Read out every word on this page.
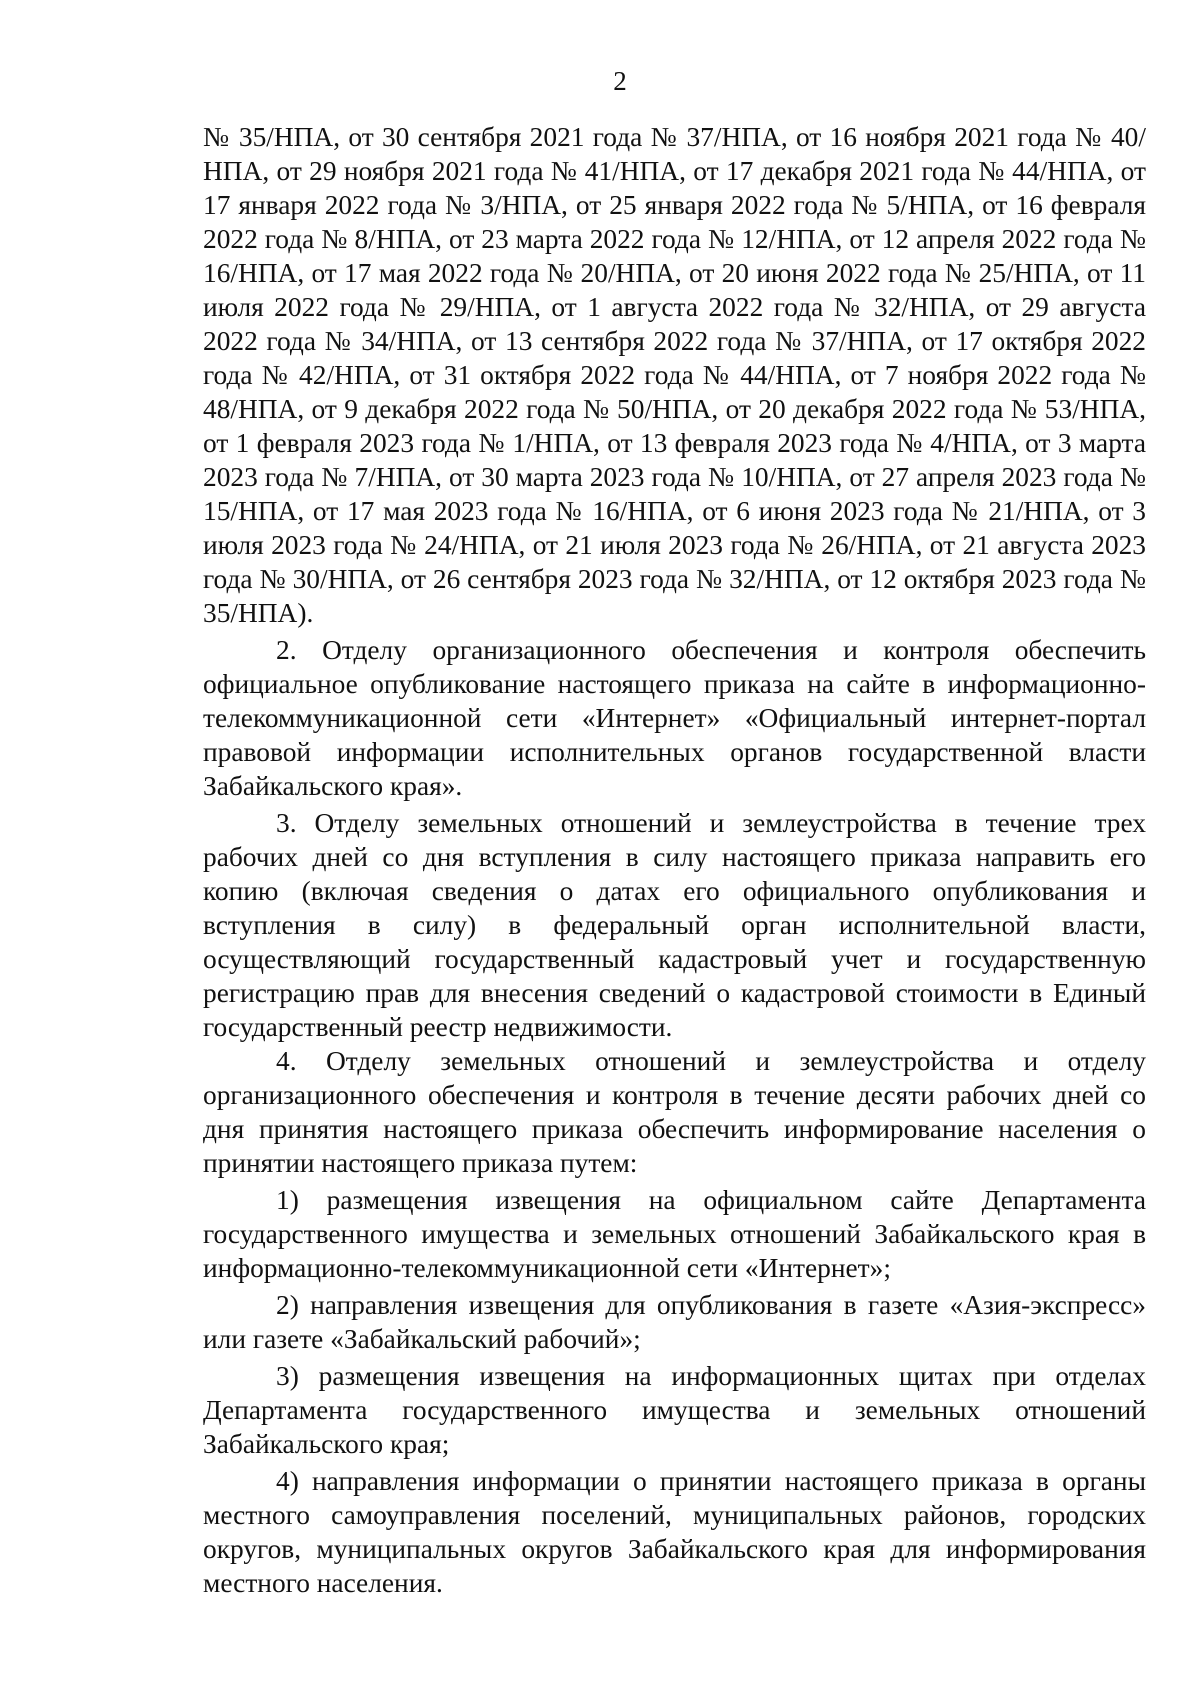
2

№ 35/НПА, от 30 сентября 2021 года № 37/НПА, от 16 ноября 2021 года № 40/НПА, от 29 ноября 2021 года № 41/НПА, от 17 декабря 2021 года № 44/НПА, от 17 января 2022 года № 3/НПА, от 25 января 2022 года № 5/НПА, от 16 февраля 2022 года № 8/НПА, от 23 марта 2022 года № 12/НПА, от 12 апреля 2022 года № 16/НПА, от 17 мая 2022 года № 20/НПА, от 20 июня 2022 года № 25/НПА, от 11 июля 2022 года № 29/НПА, от 1 августа 2022 года № 32/НПА, от 29 августа 2022 года № 34/НПА, от 13 сентября 2022 года № 37/НПА, от 17 октября 2022 года № 42/НПА, от 31 октября 2022 года № 44/НПА, от 7 ноября 2022 года № 48/НПА, от 9 декабря 2022 года № 50/НПА, от 20 декабря 2022 года № 53/НПА, от 1 февраля 2023 года № 1/НПА, от 13 февраля 2023 года № 4/НПА, от 3 марта 2023 года № 7/НПА, от 30 марта 2023 года № 10/НПА, от 27 апреля 2023 года № 15/НПА, от 17 мая 2023 года № 16/НПА, от 6 июня 2023 года № 21/НПА, от 3 июля 2023 года № 24/НПА, от 21 июля 2023 года № 26/НПА, от 21 августа 2023 года № 30/НПА, от 26 сентября 2023 года № 32/НПА, от 12 октября 2023 года № 35/НПА).

2. Отделу организационного обеспечения и контроля обеспечить официальное опубликование настоящего приказа на сайте в информационно-телекоммуникационной сети «Интернет» «Официальный интернет-портал правовой информации исполнительных органов государственной власти Забайкальского края».

3. Отделу земельных отношений и землеустройства в течение трех рабочих дней со дня вступления в силу настоящего приказа направить его копию (включая сведения о датах его официального опубликования и вступления в силу) в федеральный орган исполнительной власти, осуществляющий государственный кадастровый учет и государственную регистрацию прав для внесения сведений о кадастровой стоимости в Единый государственный реестр недвижимости.

4. Отделу земельных отношений и землеустройства и отделу организационного обеспечения и контроля в течение десяти рабочих дней со дня принятия настоящего приказа обеспечить информирование населения о принятии настоящего приказа путем:

1) размещения извещения на официальном сайте Департамента государственного имущества и земельных отношений Забайкальского края в информационно-телекоммуникационной сети «Интернет»;

2) направления извещения для опубликования в газете «Азия-экспресс» или газете «Забайкальский рабочий»;

3) размещения извещения на информационных щитах при отделах Департамента государственного имущества и земельных отношений Забайкальского края;

4) направления информации о принятии настоящего приказа в органы местного самоуправления поселений, муниципальных районов, городских округов, муниципальных округов Забайкальского края для информирования местного населения.
